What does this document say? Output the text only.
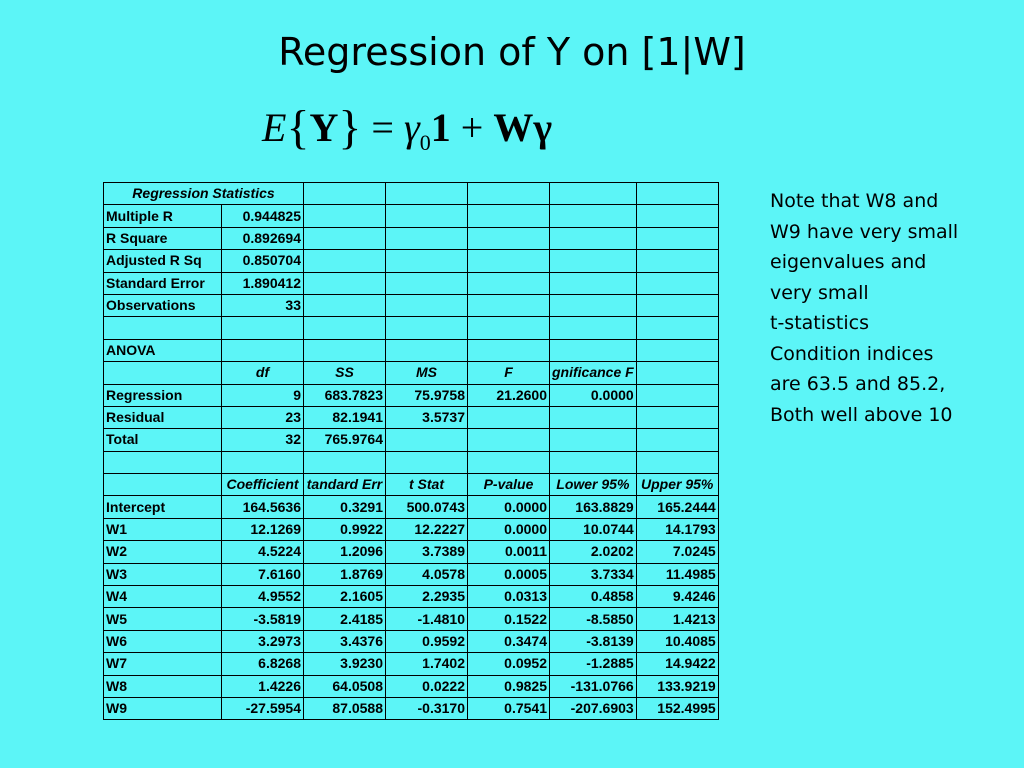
Regression of Y on [1|W]
$E\{Y\} = \gamma_01 + W\gamma$
Note that W8 and
W9 have very small
eigenvalues and
very small
t-statistics
Condition indices
are 63.5 and 85.2,
Both well above 10
Regression Statistics						
Multiple R	0.944825					
R Square	0.892694					
Adjusted R Sq	0.850704					
Standard Error	1.890412					
Observations	33					

ANOVA						
	df	SS	MS	F	gnificance F	
Regression	9	683.7823	75.9758	21.2600	0.0000	
Residual	23	82.1941	3.5737			
Total	32	765.9764				

	Coefficient	tandard Err	t Stat	P-value	Lower 95%	Upper 95%
Intercept	164.5636	0.3291	500.0743	0.0000	163.8829	165.2444
W1	12.1269	0.9922	12.2227	0.0000	10.0744	14.1793
W2	4.5224	1.2096	3.7389	0.0011	2.0202	7.0245
W3	7.6160	1.8769	4.0578	0.0005	3.7334	11.4985
W4	4.9552	2.1605	2.2935	0.0313	0.4858	9.4246
W5	-3.5819	2.4185	-1.4810	0.1522	-8.5850	1.4213
W6	3.2973	3.4376	0.9592	0.3474	-3.8139	10.4085
W7	6.8268	3.9230	1.7402	0.0952	-1.2885	14.9422
W8	1.4226	64.0508	0.0222	0.9825	-131.0766	133.9219
W9	-27.5954	87.0588	-0.3170	0.7541	-207.6903	152.4995
